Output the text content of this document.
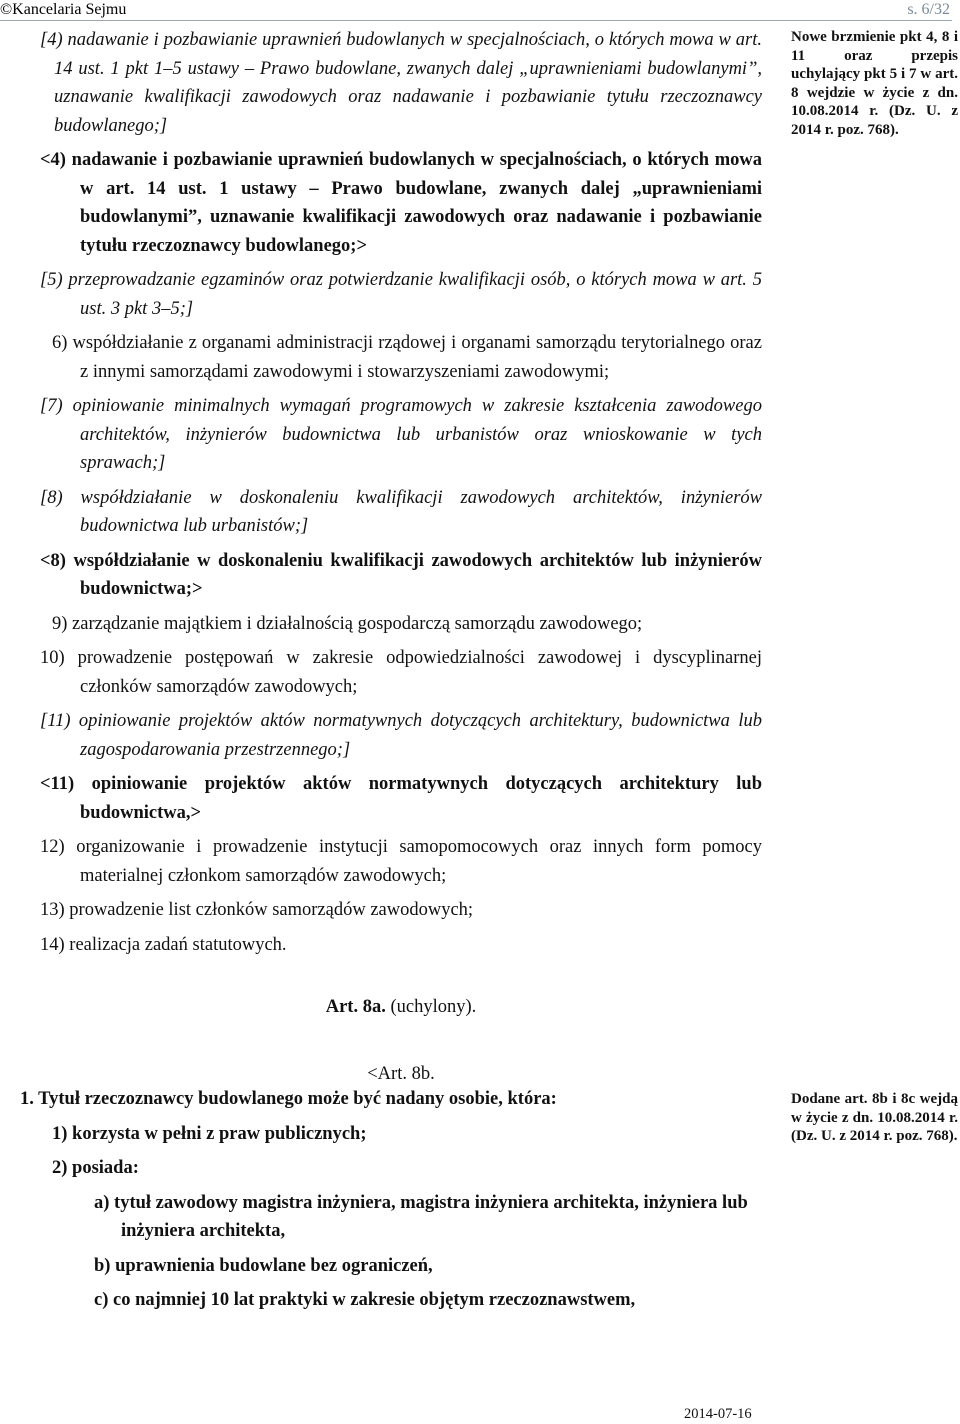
©Kancelaria Sejmu	s. 6/32

[4) nadawanie i pozbawianie uprawnień budowlanych w specjalnościach, o których mowa w art. 14 ust. 1 pkt 1–5 ustawy – Prawo budowlane, zwanych dalej „uprawnieniami budowlanymi”, uznawanie kwalifikacji zawodowych oraz nadawanie i pozbawianie tytułu rzeczoznawcy budowlanego;]

<4) nadawanie i pozbawianie uprawnień budowlanych w specjalnościach, o których mowa w art. 14 ust. 1 ustawy – Prawo budowlane, zwanych dalej „uprawnieniami budowlanymi”, uznawanie kwalifikacji zawodowych oraz nadawanie i pozbawianie tytułu rzeczoznawcy budowlanego;>

[5) przeprowadzanie egzaminów oraz potwierdzanie kwalifikacji osób, o których mowa w art. 5 ust. 3 pkt 3–5;]

6) współdziałanie z organami administracji rządowej i organami samorządu terytorialnego oraz z innymi samorządami zawodowymi i stowarzyszeniami zawodowymi;

[7) opiniowanie minimalnych wymagań programowych w zakresie kształcenia zawodowego architektów, inżynierów budownictwa lub urbanistów oraz wnioskowanie w tych sprawach;]

[8) współdziałanie w doskonaleniu kwalifikacji zawodowych architektów, inżynierów budownictwa lub urbanistów;]

<8) współdziałanie w doskonaleniu kwalifikacji zawodowych architektów lub inżynierów budownictwa;>

9) zarządzanie majątkiem i działalnością gospodarczą samorządu zawodowego;

10) prowadzenie postępowań w zakresie odpowiedzialności zawodowej i dyscyplinarnej członków samorządów zawodowych;

[11) opiniowanie projektów aktów normatywnych dotyczących architektury, budownictwa lub zagospodarowania przestrzennego;]

<11) opiniowanie projektów aktów normatywnych dotyczących architektury lub budownictwa,>

12) organizowanie i prowadzenie instytucji samopomocowych oraz innych form pomocy materialnej członkom samorządów zawodowych;

13) prowadzenie list członków samorządów zawodowych;

14) realizacja zadań statutowych.

Art. 8a. (uchylony).

<Art. 8b.

1. Tytuł rzeczoznawcy budowlanego może być nadany osobie, która:

1) korzysta w pełni z praw publicznych;

2) posiada:

a) tytuł zawodowy magistra inżyniera, magistra inżyniera architekta, inżyniera lub inżyniera architekta,

b) uprawnienia budowlane bez ograniczeń,

c) co najmniej 10 lat praktyki w zakresie objętym rzeczoznawstwem,

Nowe brzmienie pkt 4, 8 i 11 oraz przepis uchylający pkt 5 i 7 w art. 8 wejdzie w życie z dn. 10.08.2014 r. (Dz. U. z 2014 r. poz. 768).
Dodane art. 8b i 8c wejdą w życie z dn. 10.08.2014 r. (Dz. U. z 2014 r. poz. 768).
2014-07-16
